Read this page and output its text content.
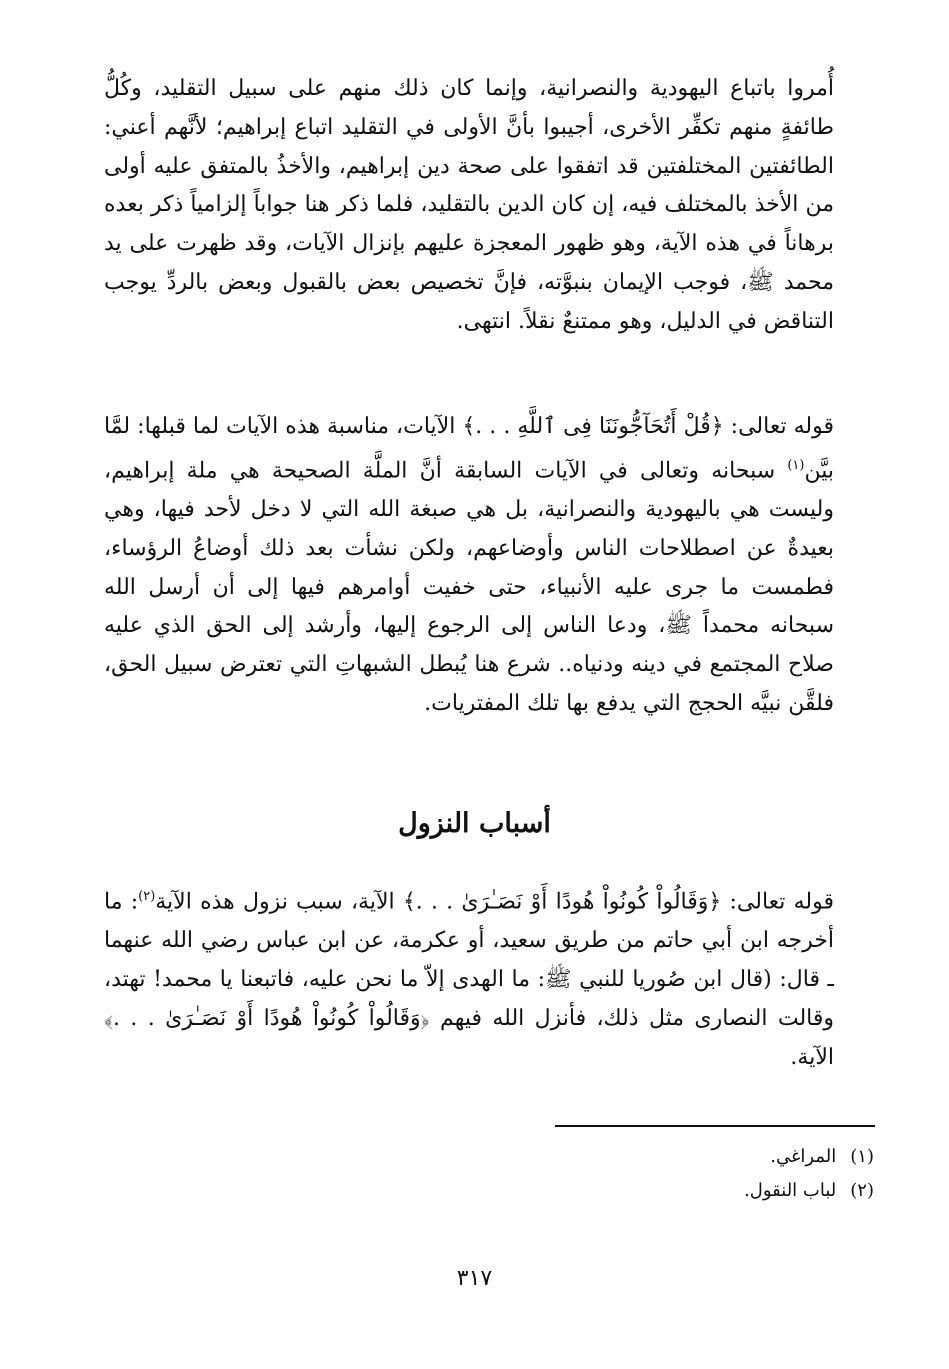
أُمروا باتباع اليهودية والنصرانية، وإنما كان ذلك منهم على سبيل التقليد، وكُلُّ طائفةٍ منهم تكفِّر الأخرى، أجيبوا بأنَّ الأولى في التقليد اتباع إبراهيم؛ لأنَّهم أعني: الطائفتين المختلفتين قد اتفقوا على صحة دين إبراهيم، والأخذُ بالمتفق عليه أولى من الأخذ بالمختلف فيه، إن كان الدين بالتقليد، فلما ذكر هنا جواباً إلزامياً ذكر بعده برهاناً في هذه الآية، وهو ظهور المعجزة عليهم بإنزال الآيات، وقد ظهرت على يد محمد ﷺ، فوجب الإيمان بنبوَّته، فإنَّ تخصيص بعض بالقبول وبعض بالردِّ يوجب التناقض في الدليل، وهو ممتنعٌ نقلاً. انتهى.

قوله تعالى: ﴿قُلْ أَتُحَآجُّونَنَا فِى ٱللَّهِ . . .﴾ الآيات، مناسبة هذه الآيات لما قبلها: لمَّا بيَّن$^{(١)}$ سبحانه وتعالى في الآيات السابقة أنَّ الملَّة الصحيحة هي ملة إبراهيم، وليست هي باليهودية والنصرانية، بل هي صبغة الله التي لا دخل لأحد فيها، وهي بعيدةٌ عن اصطلاحات الناس وأوضاعهم، ولكن نشأت بعد ذلك أوضاعُ الرؤساء، فطمست ما جرى عليه الأنبياء، حتى خفيت أوامرهم فيها إلى أن أرسل الله سبحانه محمداً ﷺ، ودعا الناس إلى الرجوع إليها، وأرشد إلى الحق الذي عليه صلاح المجتمع في دينه ودنياه.. شرع هنا يُبطل الشبهاتِ التي تعترض سبيل الحق، فلقَّن نبيَّه الحجج التي يدفع بها تلك المفتريات.

أسباب النزول

قوله تعالى: ﴿وَقَالُواْ كُونُواْ هُودًا أَوْ نَصَـٰرَىٰ . . .﴾ الآية، سبب نزول هذه الآية$^{(٢)}$: ما أخرجه ابن أبي حاتم من طريق سعيد، أو عكرمة، عن ابن عباس رضي الله عنهما ـ قال: (قال ابن صُوريا للنبي ﷺ: ما الهدى إلاّ ما نحن عليه، فاتبعنا يا محمد! تهتد، وقالت النصارى مثل ذلك، فأنزل الله فيهم ﴿وَقَالُواْ كُونُواْ هُودًا أَوْ نَصَـٰرَىٰ . . .﴾ الآية.

(١)المراغي.
(٢)لباب النقول.
٣١٧
